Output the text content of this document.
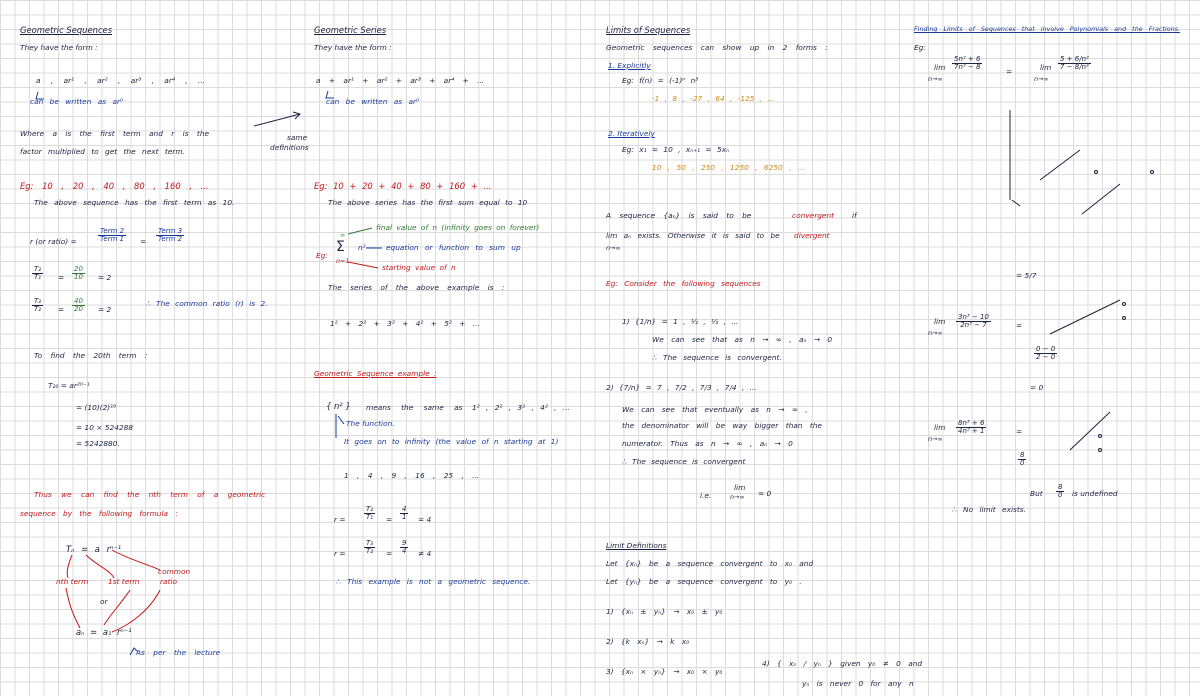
Geometric Sequences
They have the form :
a , ar¹ , ar² , ar³ , ar⁴ , ...
can be written as ar⁰
Where a is the first term and r is the
factor multiplied to get the next term.
Eg: 10 , 20 , 40 , 80 , 160 , ...
The above sequence has the first term as 10.
r (or ratio) =
Term 2
Term 1 =
Term 3
Term 2
$\frac{\text{T₂}}{\text{T₁}} = \frac{20}{10} = 2$
$\frac{\text{T₃}}{\text{T₂}} = \frac{40}{20} = 2$
∴ The common ratio (r) is 2.
To find the 20th term :
T₂₀ = ar²⁰⁻¹
= (10)(2)¹⁹
= 10 × 524288
= 5242880.
Thus we can find the nth term of a geometric
sequence by the following formula :
Tₙ = a rⁿ⁻¹
nth term	1st term
common
ratio
or
aₙ = a₁ rⁿ⁻¹
As per the lecture
same
definitions
Geometric Series
They have the form :
a + ar¹ + ar² + ar³ + ar⁴ + ...
can be written as ar⁰
Eg: 10 + 20 + 40 + 80 + 160 + ...
The above series has the first sum equal to 10
final value of n (infinity goes on forever)
equation or function to sum up
starting value of n
Eg:
∞
Σ
n=1
n²
The series of the above example is :
1² + 2² + 3² + 4² + 5² + ...
Geometric Sequence example :
{ n² } means the same as 1² , 2² , 3² , 4² , ...
The function.
It goes on to infinity (the value of n starting at 1)
1 , 4 , 9 , 16 , 25 , ...
r =	$\frac{\text{T₂}}{\text{T₁}} = \frac{4}{1} = 4$
r =	$\frac{\text{T₃}}{\text{T₂}} = \frac{9}{4} \ne 4$
∴ This example is not a geometric sequence.
Limits of Sequences
Geometric sequences can show up in 2 forms :
1. Explicitly
Eg: f(n) = (-1)ⁿ n³
-1 , 8 , -27 , 64 , -125 , ...
2. Iteratively
Eg: x₁ = 10 , xₙ₊₁ = 5xₙ
10 , 50 , 250 , 1250 , 6250 , ...
A sequence {aₙ} is said to be	convergent if
lim aₙ exists. Otherwise it is said to be divergent
n→∞
Eg: Consider the following sequences
1) {1/n} = 1 , ½ , ⅓ , ...
We can see that as n → ∞ , aₙ → 0
∴ The sequence is convergent.
2) {7/n} = 7 , 7/2 , 7/3 , 7/4 , ...
We can see that eventually as n → ∞ ,
the denominator will be way bigger than the
numerator. Thus as n → ∞ , aₙ → 0
∴ The sequence is convergent
i.e.
lim
n→∞ = 0
Limit Definitions
Let {xₙ} be a sequence convergent to x₀ and
Let {yₙ} be a sequence convergent to y₀ .
1) {xₙ ± yₙ} → x₀ ± y₀
2) {k xₙ} → k x₀
3) {xₙ × yₙ} → x₀ × y₀
4) { xₙ / yₙ } given y₀ ≠ 0 and
yₙ is never 0 for any n
Finding Limits of Sequences that involve Polynomials and the Fractions.
Eg:
lim
n→∞
$\frac{\text{5n² + 6}}{\text{7n² − 8}}$	=	lim
n→∞
$\frac{\text{5 + 6/n²}}{\text{7 − 8/n²}}$
= 5/7
lim
n→∞
$\frac{\text{3n³ − 10}}{\text{2n³ − 7}}$	=
$\frac{0 - 0}{2 - 0}$
= 0
lim
n→∞
$\frac{\text{8n³ + 6}}{\text{4n² + 1}}$	=
$\frac{8}{0}$
But $\frac{8}{0}$ is undefined
∴ No limit exists.
